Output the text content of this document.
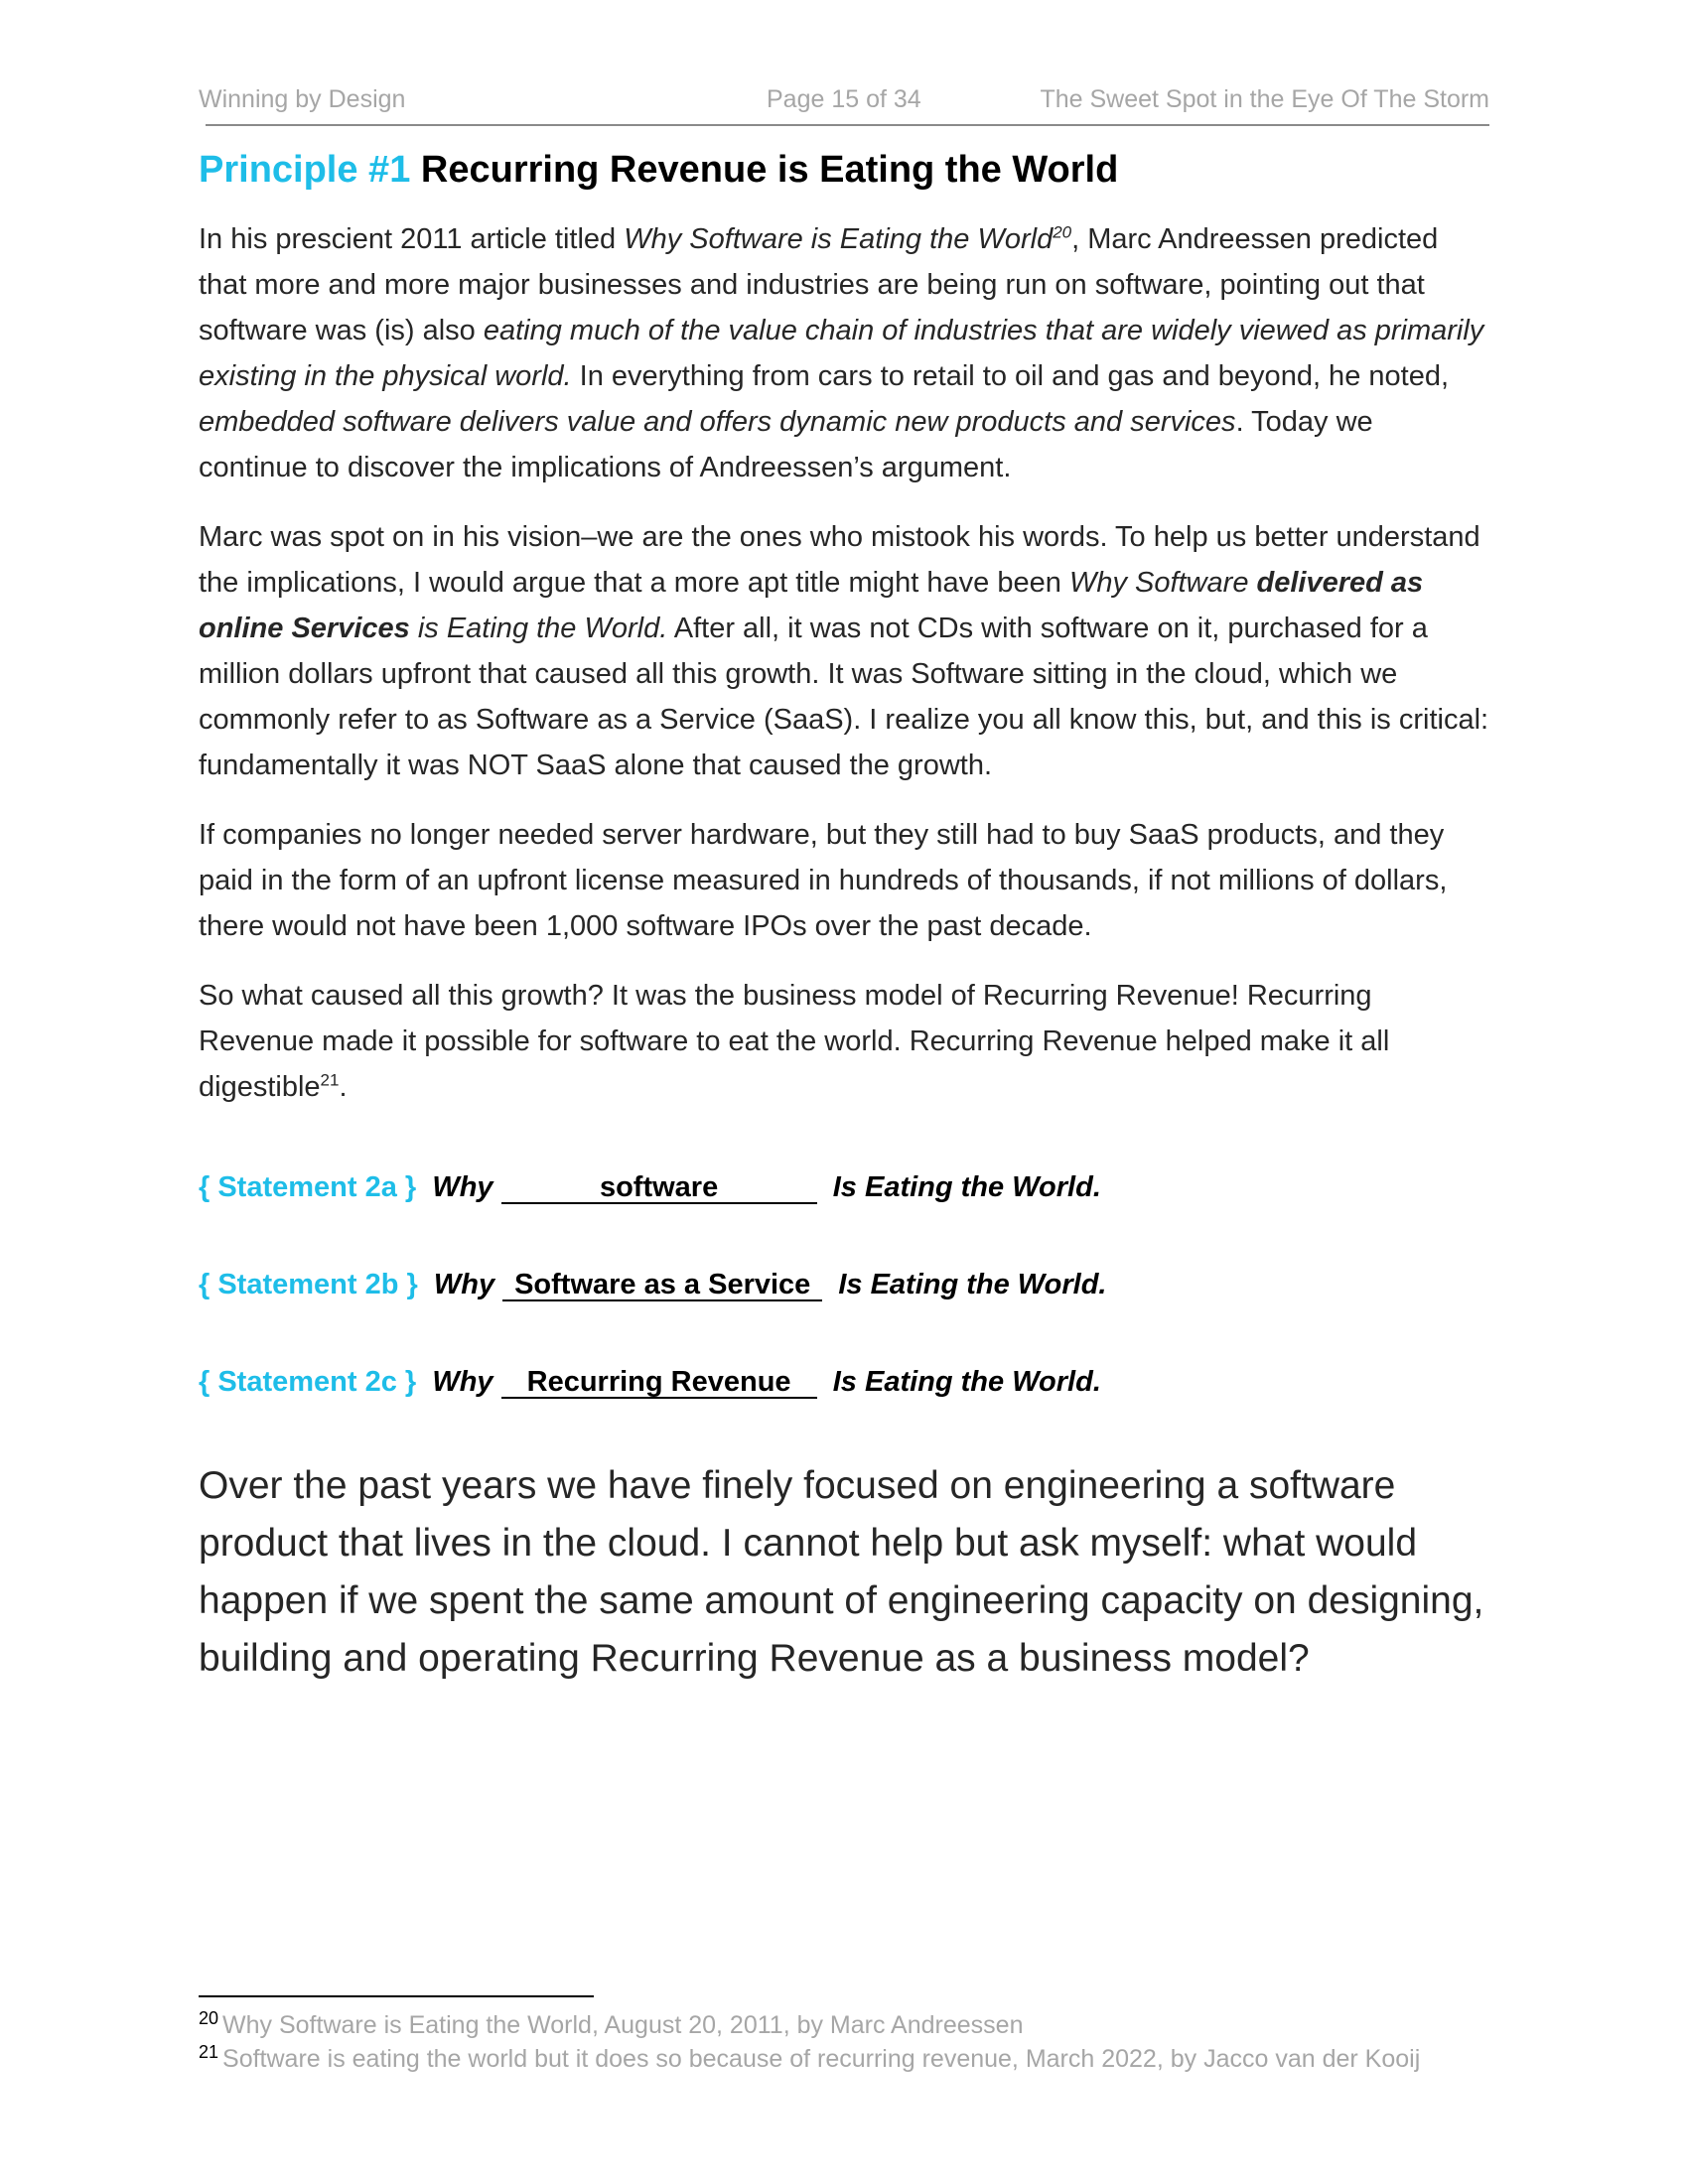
Winning by Design	Page 15 of 34	The Sweet Spot in the Eye Of The Storm
Principle #1 Recurring Revenue is Eating the World

In his prescient 2011 article titled Why Software is Eating the World$^{20}$, Marc Andreessen predicted that more and more major businesses and industries are being run on software, pointing out that software was (is) also eating much of the value chain of industries that are widely viewed as primarily existing in the physical world. In everything from cars to retail to oil and gas and beyond, he noted, embedded software delivers value and offers dynamic new products and services. Today we continue to discover the implications of Andreessen’s argument.

Marc was spot on in his vision–we are the ones who mistook his words. To help us better understand the implications, I would argue that a more apt title might have been Why Software delivered as online Services is Eating the World. After all, it was not CDs with software on it, purchased for a million dollars upfront that caused all this growth. It was Software sitting in the cloud, which we commonly refer to as Software as a Service (SaaS). I realize you all know this, but, and this is critical: fundamentally it was NOT SaaS alone that caused the growth.

If companies no longer needed server hardware, but they still had to buy SaaS products, and they paid in the form of an upfront license measured in hundreds of thousands, if not millions of dollars, there would not have been 1,000 software IPOs over the past decade.

So what caused all this growth? It was the business model of Recurring Revenue! Recurring Revenue made it possible for software to eat the world. Recurring Revenue helped make it all digestible$^{21}$.

{ Statement 2a } Why	software	Is Eating the World.
{ Statement 2b } Why Software as a Service Is Eating the World.
{ Statement 2c } Why Recurring Revenue Is Eating the World.

Over the past years we have finely focused on engineering a software product that lives in the cloud. I cannot help but ask myself: what would happen if we spent the same amount of engineering capacity on designing, building and operating Recurring Revenue as a business model?

$^{20}$ Why Software is Eating the World, August 20, 2011, by Marc Andreessen
$^{21}$ Software is eating the world but it does so because of recurring revenue, March 2022, by Jacco van der Kooij
